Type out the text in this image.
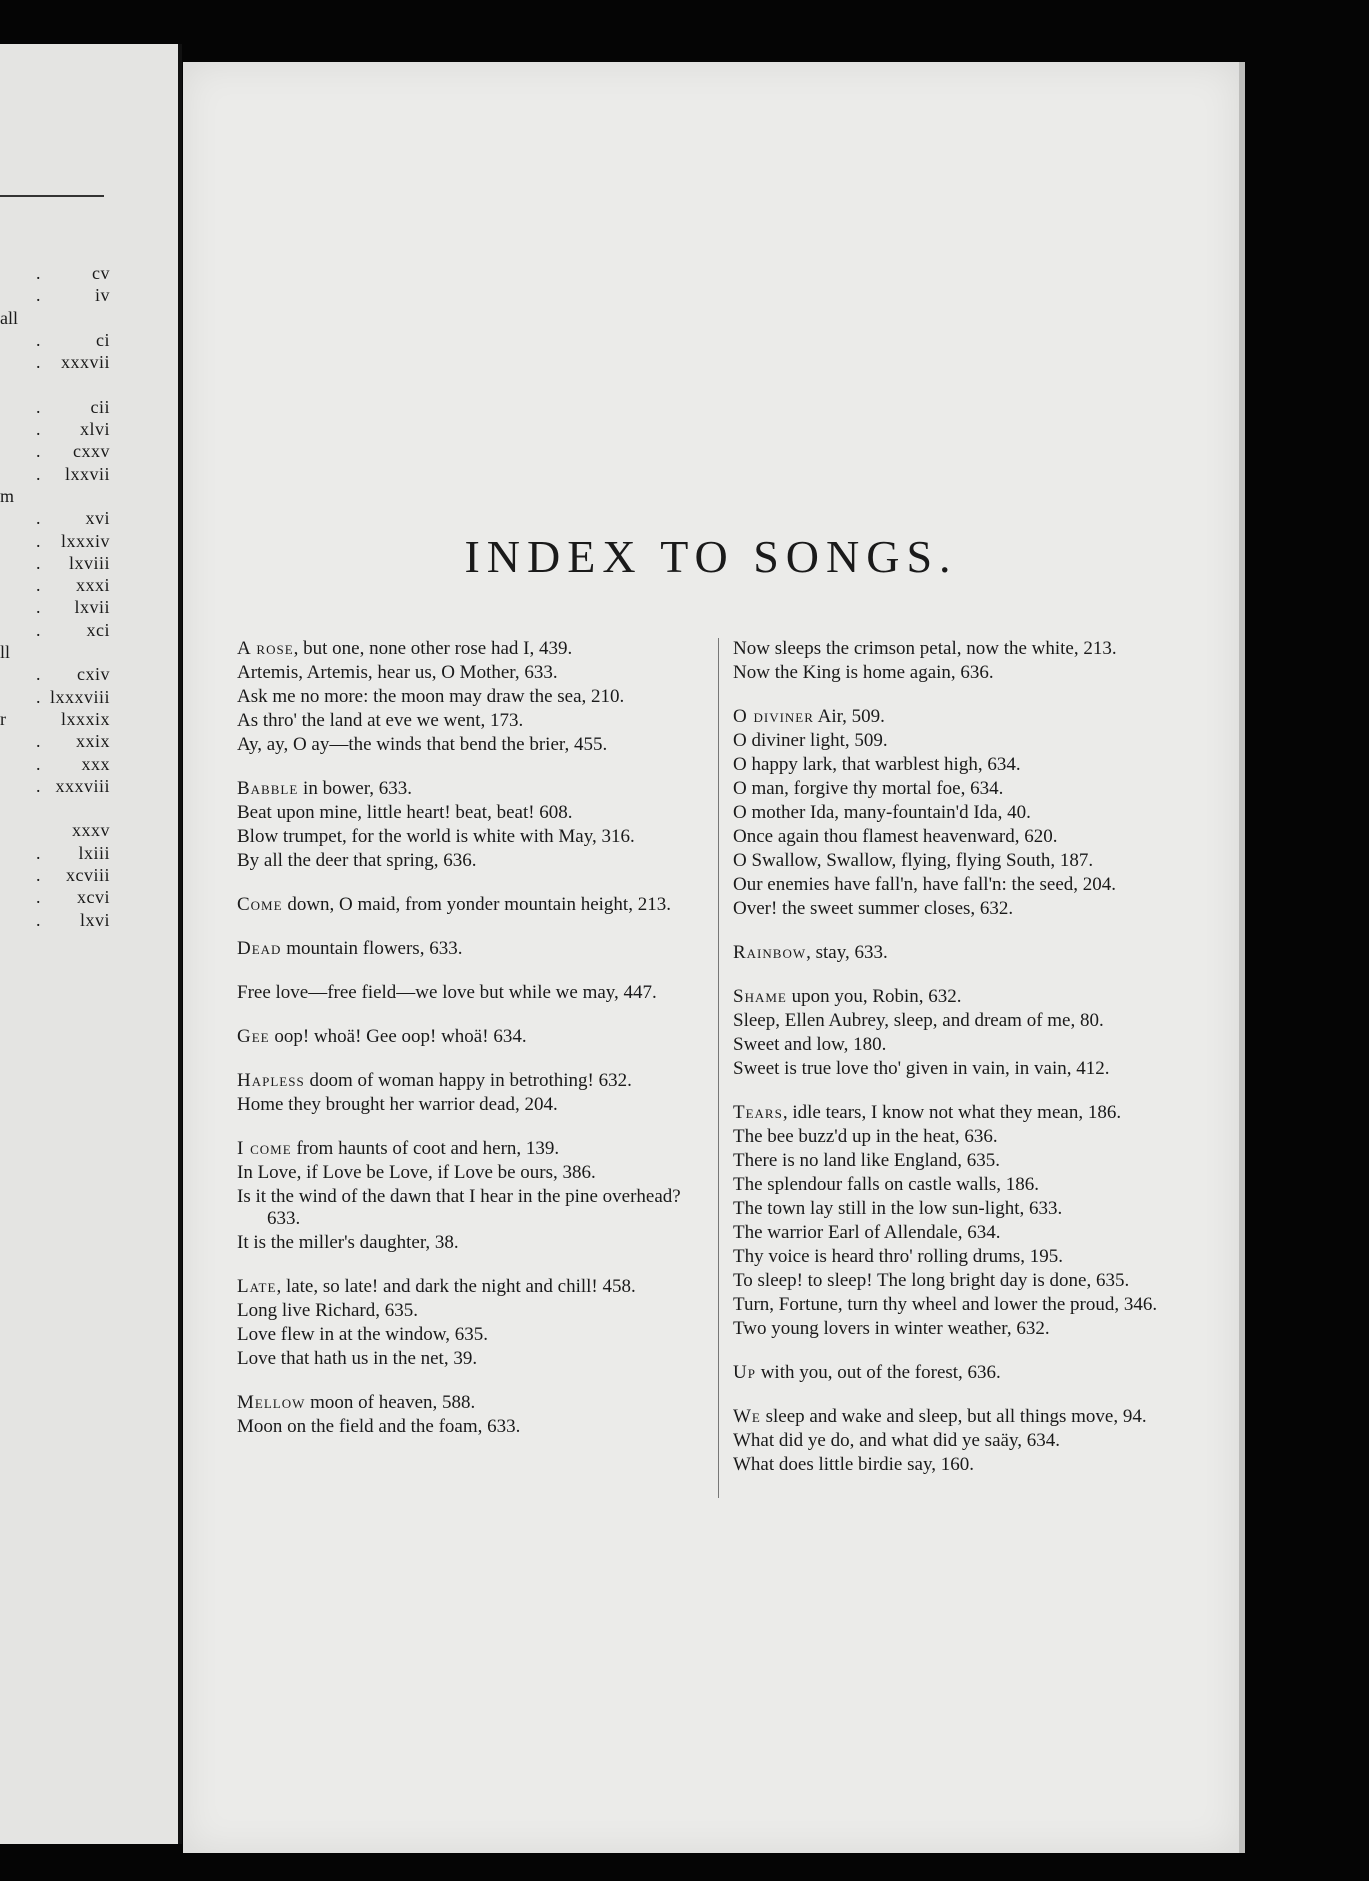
.	cv
.	iv
all
.	ci
. xxxvii
.	cii
. xlvi
. cxxv
. lxxvii
m
. xvi
. lxxxiv
. lxviii
. xxxi
. lxvii
.	xci
ll
. cxiv
. lxxxviii
r	lxxxix
. xxix
. xxx
. xxxviii
xxxv
. lxiii
. xcviii
. xcvi
. lxvi
INDEX TO SONGS.

A rose, but one, none other rose had I, 439.

Artemis, Artemis, hear us, O Mother, 633.

Ask me no more: the moon may draw the sea, 210.

As thro' the land at eve we went, 173.

Ay, ay, O ay—the winds that bend the brier, 455.

Babble in bower, 633.

Beat upon mine, little heart! beat, beat! 608.

Blow trumpet, for the world is white with May, 316.

By all the deer that spring, 636.

Come down, O maid, from yonder mountain height, 213.

Dead mountain flowers, 633.

Free love—free field—we love but while we may, 447.

Gee oop! whoä! Gee oop! whoä! 634.

Hapless doom of woman happy in betrothing! 632.

Home they brought her warrior dead, 204.

I come from haunts of coot and hern, 139.

In Love, if Love be Love, if Love be ours, 386.

Is it the wind of the dawn that I hear in the pine overhead? 633.

It is the miller's daughter, 38.

Late, late, so late! and dark the night and chill! 458.

Long live Richard, 635.

Love flew in at the window, 635.

Love that hath us in the net, 39.

Mellow moon of heaven, 588.

Moon on the field and the foam, 633.

Now sleeps the crimson petal, now the white, 213.

Now the King is home again, 636.

O diviner Air, 509.

O diviner light, 509.

O happy lark, that warblest high, 634.

O man, forgive thy mortal foe, 634.

O mother Ida, many-fountain'd Ida, 40.

Once again thou flamest heavenward, 620.

O Swallow, Swallow, flying, flying South, 187.

Our enemies have fall'n, have fall'n: the seed, 204.

Over! the sweet summer closes, 632.

Rainbow, stay, 633.

Shame upon you, Robin, 632.

Sleep, Ellen Aubrey, sleep, and dream of me, 80.

Sweet and low, 180.

Sweet is true love tho' given in vain, in vain, 412.

Tears, idle tears, I know not what they mean, 186.

The bee buzz'd up in the heat, 636.

There is no land like England, 635.

The splendour falls on castle walls, 186.

The town lay still in the low sun-light, 633.

The warrior Earl of Allendale, 634.

Thy voice is heard thro' rolling drums, 195.

To sleep! to sleep! The long bright day is done, 635.

Turn, Fortune, turn thy wheel and lower the proud, 346.

Two young lovers in winter weather, 632.

Up with you, out of the forest, 636.

We sleep and wake and sleep, but all things move, 94.

What did ye do, and what did ye saäy, 634.

What does little birdie say, 160.
